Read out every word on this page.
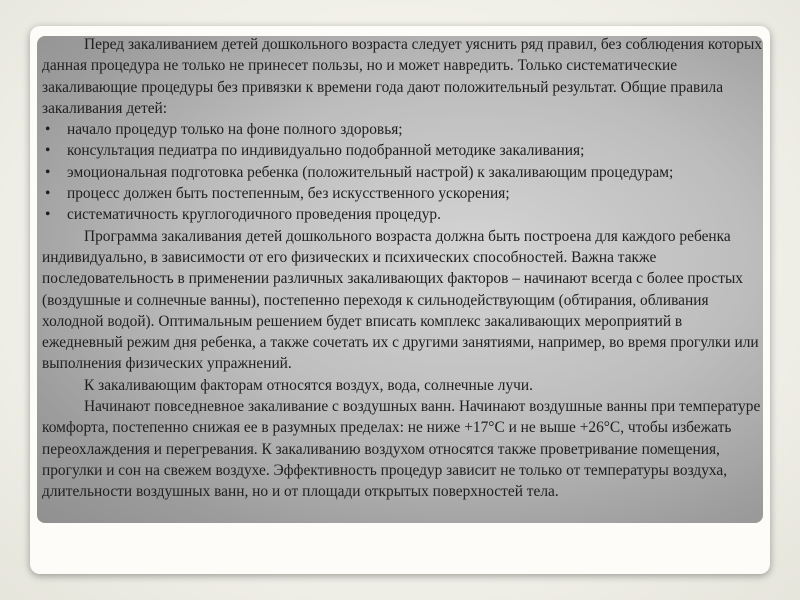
Перед закаливанием детей дошкольного возраста следует уяснить ряд правил, без соблюдения которых данная процедура не только не принесет пользы, но и может навредить. Только систематические закаливающие процедуры без привязки к времени года дают положительный результат. Общие правила закаливания детей:

• начало процедур только на фоне полного здоровья;
• консультация педиатра по индивидуально подобранной методике закаливания;
• эмоциональная подготовка ребенка (положительный настрой) к закаливающим процедурам;
• процесс должен быть постепенным, без искусственного ускорения;
• систематичность круглогодичного проведения процедур.

Программа закаливания детей дошкольного возраста должна быть построена для каждого ребенка индивидуально, в зависимости от его физических и психических способностей. Важна также последовательность в применении различных закаливающих факторов – начинают всегда с более простых (воздушные и солнечные ванны), постепенно переходя к сильнодействующим (обтирания, обливания холодной водой). Оптимальным решением будет вписать комплекс закаливающих мероприятий в ежедневный режим дня ребенка, а также сочетать их с другими занятиями, например, во время прогулки или выполнения физических упражнений.

К закаливающим факторам относятся воздух, вода, солнечные лучи.

Начинают повседневное закаливание с воздушных ванн. Начинают воздушные ванны при температуре комфорта, постепенно снижая ее в разумных пределах: не ниже +17°С и не выше +26°С, чтобы избежать переохлаждения и перегревания. К закаливанию воздухом относятся также проветривание помещения, прогулки и сон на свежем воздухе. Эффективность процедур зависит не только от температуры воздуха, длительности воздушных ванн, но и от площади открытых поверхностей тела.
